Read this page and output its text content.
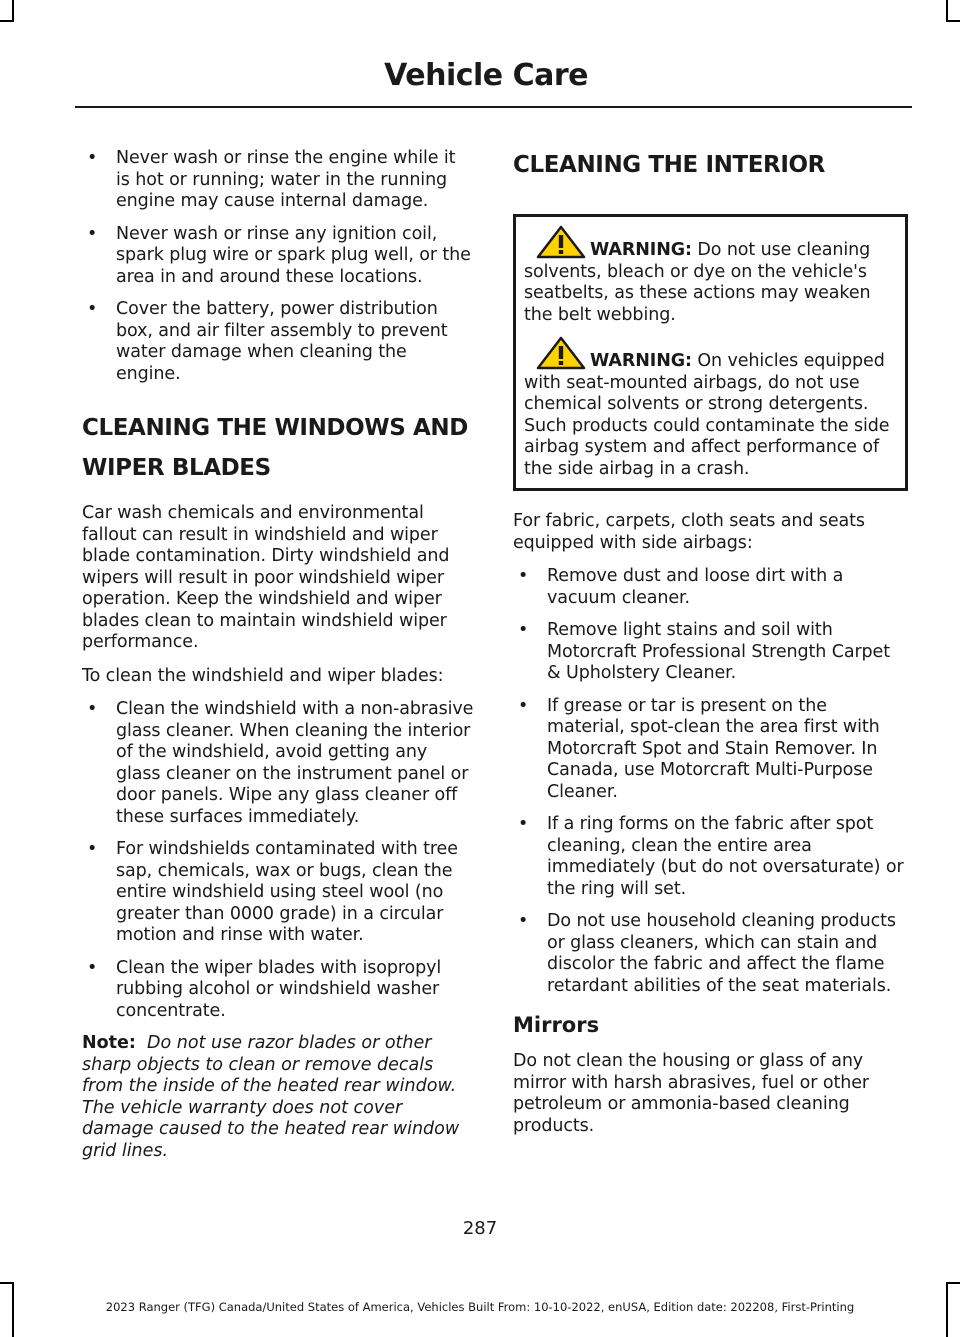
Vehicle Care
• Never wash or rinse the engine while it is hot or running; water in the running engine may cause internal damage.
• Never wash or rinse any ignition coil, spark plug wire or spark plug well, or the area in and around these locations.
• Cover the battery, power distribution box, and air filter assembly to prevent water damage when cleaning the engine.
CLEANING THE WINDOWS AND
WIPER BLADES

Car wash chemicals and environmental fallout can result in windshield and wiper blade contamination. Dirty windshield and wipers will result in poor windshield wiper operation. Keep the windshield and wiper blades clean to maintain windshield wiper performance.

To clean the windshield and wiper blades:

• Clean the windshield with a non-abrasive glass cleaner. When cleaning the interior of the windshield, avoid getting any glass cleaner on the instrument panel or door panels. Wipe any glass cleaner off these surfaces immediately.
• For windshields contaminated with tree sap, chemicals, wax or bugs, clean the entire windshield using steel wool (no greater than 0000 grade) in a circular motion and rinse with water.
• Clean the wiper blades with isopropyl rubbing alcohol or windshield washer concentrate.

Note: Do not use razor blades or other sharp objects to clean or remove decals from the inside of the heated rear window. The vehicle warranty does not cover damage caused to the heated rear window grid lines.

CLEANING THE INTERIOR

WARNING: Do not use cleaning solvents, bleach or dye on the vehicle's seatbelts, as these actions may weaken the belt webbing.

WARNING: On vehicles equipped with seat-mounted airbags, do not use chemical solvents or strong detergents. Such products could contaminate the side airbag system and affect performance of the side airbag in a crash.

For fabric, carpets, cloth seats and seats equipped with side airbags:

• Remove dust and loose dirt with a vacuum cleaner.
• Remove light stains and soil with Motorcraft Professional Strength Carpet & Upholstery Cleaner.
• If grease or tar is present on the material, spot-clean the area first with Motorcraft Spot and Stain Remover. In Canada, use Motorcraft Multi-Purpose Cleaner.
• If a ring forms on the fabric after spot cleaning, clean the entire area immediately (but do not oversaturate) or the ring will set.
• Do not use household cleaning products or glass cleaners, which can stain and discolor the fabric and affect the flame retardant abilities of the seat materials.
Mirrors

Do not clean the housing or glass of any mirror with harsh abrasives, fuel or other petroleum or ammonia-based cleaning products.

287
2023 Ranger (TFG) Canada/United States of America, Vehicles Built From: 10-10-2022, enUSA, Edition date: 202208, First-Printing
